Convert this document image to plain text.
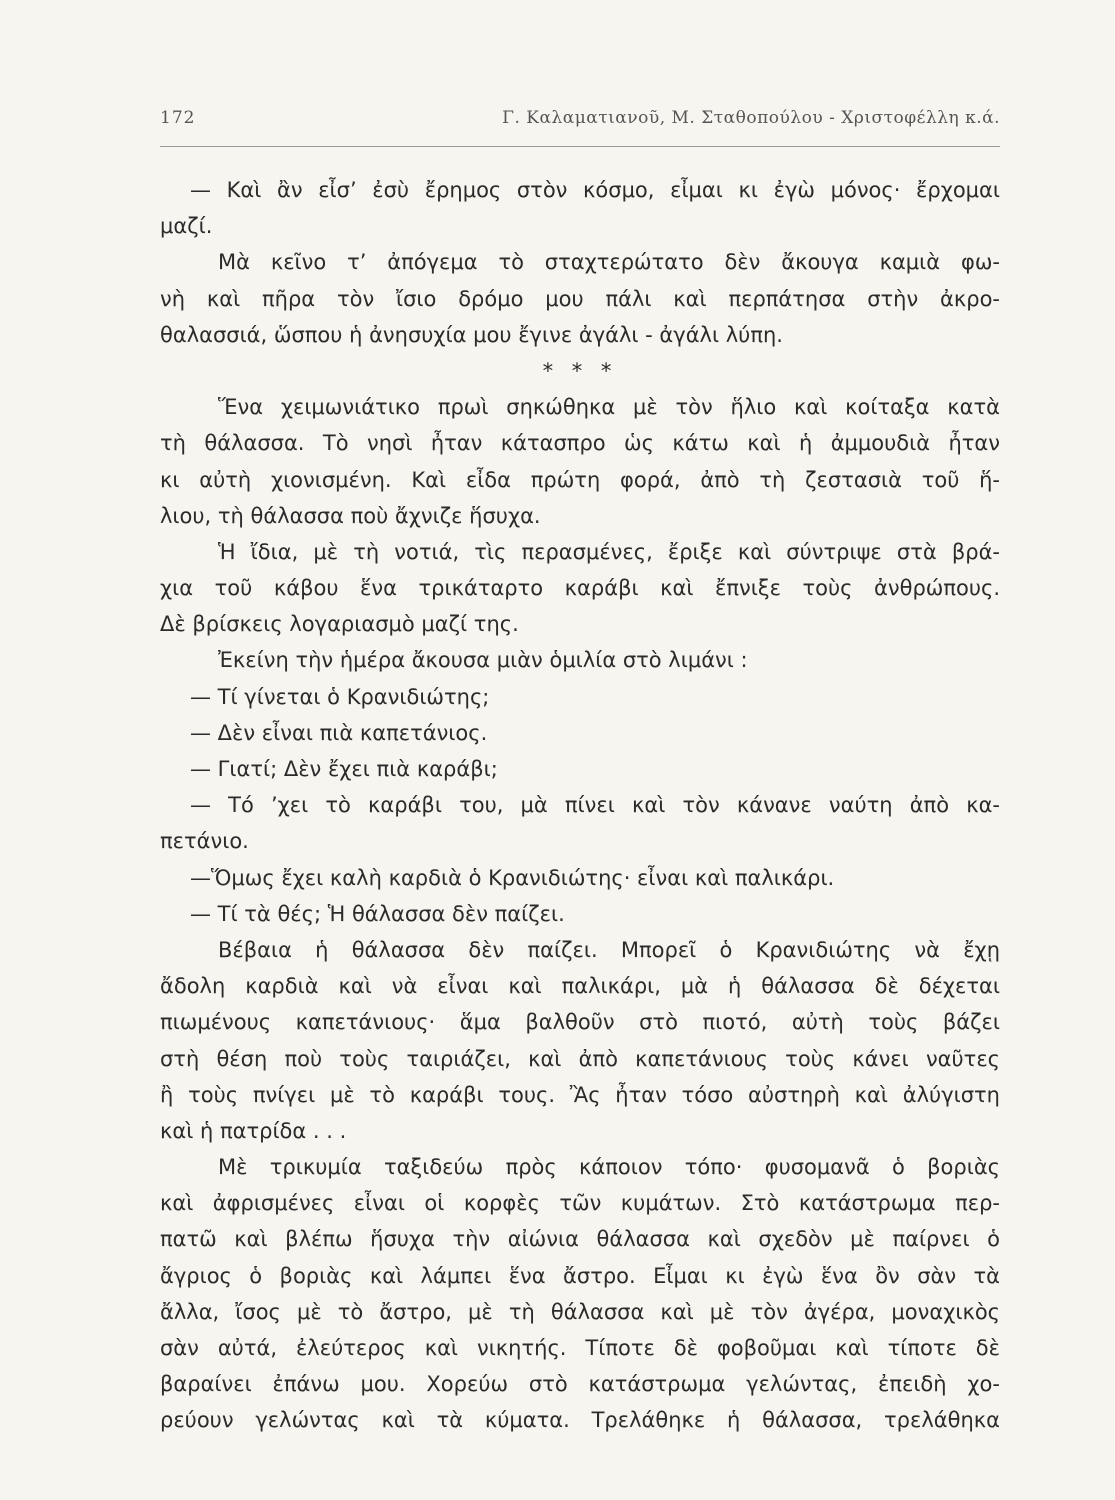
172	Γ. Καλαματιανοῦ, Μ. Σταθοπούλου - Χριστοφέλλη κ.ά.
— Καὶ ἂν εἶσ’ ἐσὺ ἔρημος στὸν κόσμο, εἶμαι κι ἐγὼ μόνος· ἔρχομαι
μαζί.
Μὰ κεῖνο τ’ ἀπόγεμα τὸ σταχτερώτατο δὲν ἄκουγα καμιὰ φω-
νὴ καὶ πῆρα τὸν ἴσιο δρόμο μου πάλι καὶ περπάτησα στὴν ἀκρο-
θαλασσιά, ὥσπου ἡ ἀνησυχία μου ἔγινε ἀγάλι - ἀγάλι λύπη.
* * *
Ἕνα χειμωνιάτικο πρωὶ σηκώθηκα μὲ τὸν ἥλιο καὶ κοίταξα κατὰ
τὴ θάλασσα. Τὸ νησὶ ἦταν κάτασπρο ὡς κάτω καὶ ἡ ἀμμουδιὰ ἦταν
κι αὐτὴ χιονισμένη. Καὶ εἶδα πρώτη φορά, ἀπὸ τὴ ζεστασιὰ τοῦ ἥ-
λιου, τὴ θάλασσα ποὺ ἄχνιζε ἥσυχα.
Ἡ ἴδια, μὲ τὴ νοτιά, τὶς περασμένες, ἔριξε καὶ σύντριψε στὰ βρά-
χια τοῦ κάβου ἕνα τρικάταρτο καράβι καὶ ἔπνιξε τοὺς ἀνθρώπους.
Δὲ βρίσκεις λογαριασμὸ μαζί της.
Ἐκείνη τὴν ἡμέρα ἄκουσα μιὰν ὁμιλία στὸ λιμάνι :
— Τί γίνεται ὁ Κρανιδιώτης;
— Δὲν εἶναι πιὰ καπετάνιος.
— Γιατί; Δὲν ἔχει πιὰ καράβι;
— Τό ’χει τὸ καράβι του, μὰ πίνει καὶ τὸν κάνανε ναύτη ἀπὸ κα-
πετάνιο.
—Ὅμως ἔχει καλὴ καρδιὰ ὁ Κρανιδιώτης· εἶναι καὶ παλικάρι.
— Τί τὰ θές; Ἡ θάλασσα δὲν παίζει.
Βέβαια ἡ θάλασσα δὲν παίζει. Μπορεῖ ὁ Κρανιδιώτης νὰ ἔχῃ
ἄδολη καρδιὰ καὶ νὰ εἶναι καὶ παλικάρι, μὰ ἡ θάλασσα δὲ δέχεται
πιωμένους καπετάνιους· ἅμα βαλθοῦν στὸ πιοτό, αὐτὴ τοὺς βάζει
στὴ θέση ποὺ τοὺς ταιριάζει, καὶ ἀπὸ καπετάνιους τοὺς κάνει ναῦτες
ἢ τοὺς πνίγει μὲ τὸ καράβι τους. Ἂς ἦταν τόσο αὐστηρὴ καὶ ἀλύγιστη
καὶ ἡ πατρίδα . . .
Μὲ τρικυμία ταξιδεύω πρὸς κάποιον τόπο· φυσομανᾶ ὁ βοριὰς
καὶ ἀφρισμένες εἶναι οἱ κορφὲς τῶν κυμάτων. Στὸ κατάστρωμα περ-
πατῶ καὶ βλέπω ἥσυχα τὴν αἰώνια θάλασσα καὶ σχεδὸν μὲ παίρνει ὁ
ἄγριος ὁ βοριὰς καὶ λάμπει ἕνα ἄστρο. Εἶμαι κι ἐγὼ ἕνα ὂν σὰν τὰ
ἄλλα, ἴσος μὲ τὸ ἄστρο, μὲ τὴ θάλασσα καὶ μὲ τὸν ἀγέρα, μοναχικὸς
σὰν αὐτά, ἐλεύτερος καὶ νικητής. Τίποτε δὲ φοβοῦμαι καὶ τίποτε δὲ
βαραίνει ἐπάνω μου. Χορεύω στὸ κατάστρωμα γελώντας, ἐπειδὴ χο-
ρεύουν γελώντας καὶ τὰ κύματα. Τρελάθηκε ἡ θάλασσα, τρελάθηκα
